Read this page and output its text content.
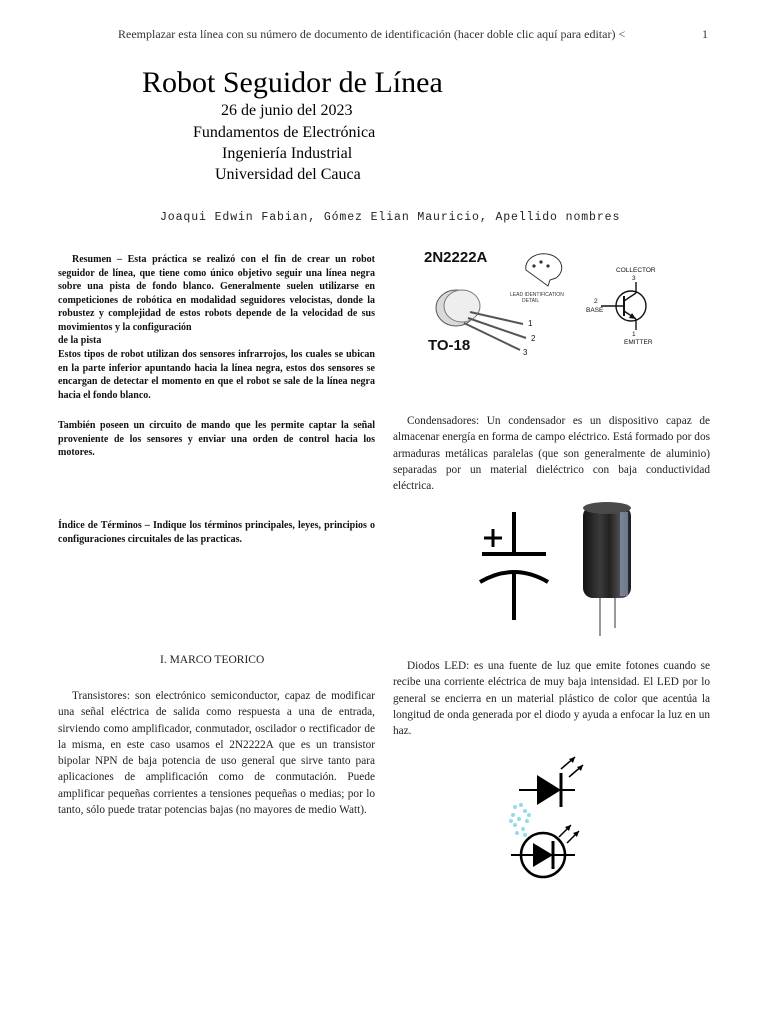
Reemplazar esta línea con su número de documento de identificación (hacer doble clic aquí para editar) <	1
Robot Seguidor de Línea
26 de junio del 2023
Fundamentos de Electrónica
Ingeniería Industrial
Universidad del Cauca
Joaqui Edwin Fabian, Gómez Elian Mauricio, Apellido nombres
Resumen – Esta práctica se realizó con el fin de crear un robot seguidor de línea, que tiene como único objetivo seguir una línea negra sobre una pista de fondo blanco. Generalmente suelen utilizarse en competiciones de robótica en modalidad seguidores velocistas, donde la robustez y complejidad de estos robots depende de la velocidad de sus movimientos y la configuración
de la pista
Estos tipos de robot utilizan dos sensores infrarrojos, los cuales se ubican en la parte inferior apuntando hacia la línea negra, estos dos sensores se encargan de detectar el momento en que el robot se sale de la línea negra hacia el fondo blanco.
También poseen un circuito de mando que les permite captar la señal proveniente de los sensores y enviar una orden de control hacia los motores.
Índice de Términos – Indique los términos principales, leyes, principios o configuraciones circuitales de las practicas.
I. MARCO TEORICO
Transistores: son electrónico semiconductor, capaz de modificar una señal eléctrica de salida como respuesta a una de entrada, sirviendo como amplificador, conmutador, oscilador o rectificador de la misma, en este caso usamos el 2N2222A que es un transistor bipolar NPN de baja potencia de uso general que sirve tanto para aplicaciones de amplificación como de conmutación. Puede amplificar pequeñas corrientes a tensiones pequeñas o medias; por lo tanto, sólo puede tratar potencias bajas (no mayores de medio Watt).
2N2222A
TO-18
1
2
3
LEAD IDENTIFICATION
DETAIL
COLLECTOR
3
2
BASE
1
EMITTER
Condensadores: Un condensador es un dispositivo capaz de almacenar energía en forma de campo eléctrico. Está formado por dos armaduras metálicas paralelas (que son generalmente de aluminio) separadas por un material dieléctrico con baja conductividad eléctrica.
Diodos LED: es una fuente de luz que emite fotones cuando se recibe una corriente eléctrica de muy baja intensidad. El LED por lo general se encierra en un material plástico de color que acentúa la longitud de onda generada por el diodo y ayuda a enfocar la luz en un haz.
